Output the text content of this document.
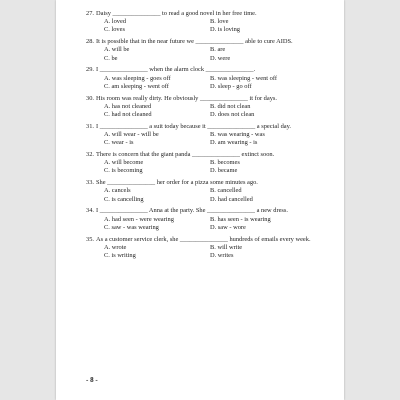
27. Daisy _______________ to read a good novel in her free time.
A. loved	B. love
C. loves	D. is loving
28. It is possible that in the near future we _______________ able to cure AIDS.
A. will be	B. are
C. be	D. were
29. I _______________ when the alarm clock _______________.
A. was sleeping - goes off	B. was sleeping - went off
C. am sleeping - went off	D. sleep - go off
30. His room was really dirty. He obviously _______________ it for days.
A. has not cleaned	B. did not clean
C. had not cleaned	D. does not clean
31. I _______________ a suit today because it _______________ a special day.
A. will wear - will be	B. was wearing - was
C. wear - is	D. am wearing - is
32. There is concern that the giant panda _______________ extinct soon.
A. will become	B. becomes
C. is becoming	D. became
33. She _______________ her order for a pizza some minutes ago.
A. cancels	B. cancelled
C. is cancelling	D. had cancelled
34. I _______________ Anna at the party. She _______________ a new dress.
A. had seen - were wearing	B. has seen - is wearing
C. saw - was wearing	D. saw - wore
35. As a customer service clerk, she _______________ hundreds of emails every week.
A. wrote	B. will write
C. is writing	D. writes
- 8 -
